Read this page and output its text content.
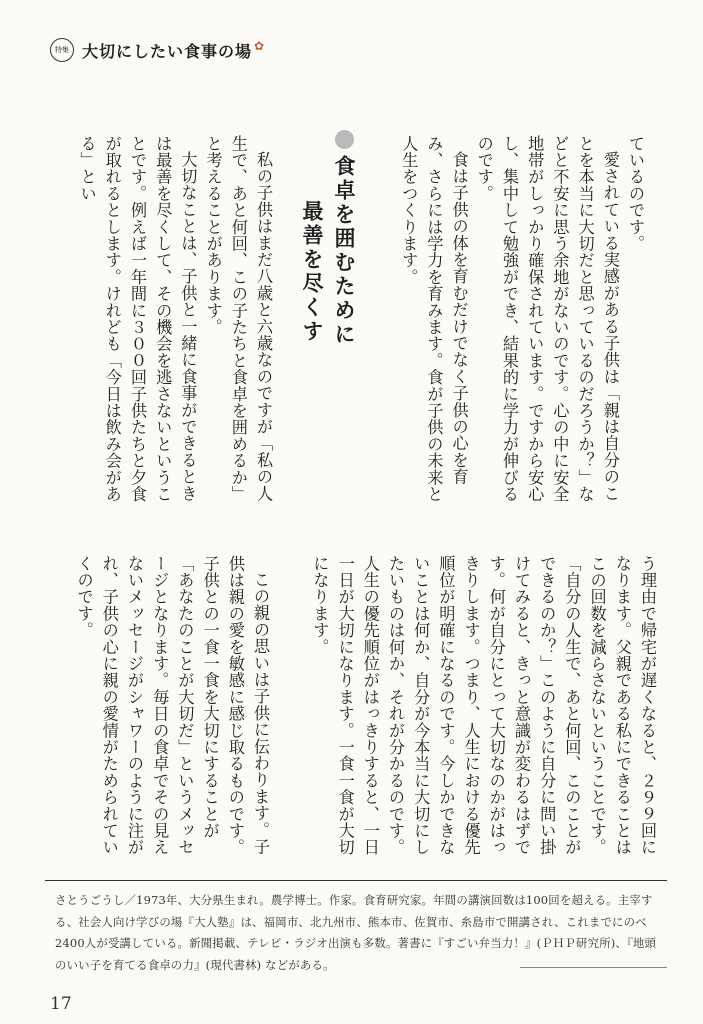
特集 大切にしたい食事の場 ✿

ているのです。

愛されている実感がある子供は「親は自分のことを本当に大切だと思っているのだろうか？」などと不安に思う余地がないのです。心の中に安全地帯がしっかり確保されています。ですから安心し、集中して勉強ができ、結果的に学力が伸びるのです。

食は子供の体を育むだけでなく子供の心を育み、さらには学力を育みます。食が子供の未来と人生をつくります。

食卓を囲むために
最善を尽くす

私の子供はまだ八歳と六歳なのですが「私の人生で、あと何回、この子たちと食卓を囲めるか」と考えることがあります。

大切なことは、子供と一緒に食事ができるときは最善を尽くして、その機会を逃さないということです。例えば一年間に３００回子供たちと夕食が取れるとします。けれども「今日は飲み会がある」とい

う理由で帰宅が遅くなると、２９９回になります。父親である私にできることはこの回数を減らさないということです。

「自分の人生で、あと何回、このことができるのか？」このように自分に問い掛けてみると、きっと意識が変わるはずです。何が自分にとって大切なのかがはっきりします。つまり、人生における優先順位が明確になるのです。今しかできないことは何か、自分が今本当に大切にしたいものは何か、それが分かるのです。人生の優先順位がはっきりすると、一日一日が大切になります。一食一食が大切になります。

この親の思いは子供に伝わります。子供は親の愛を敏感に感じ取るものです。子供との一食一食を大切にすることが「あなたのことが大切だ」というメッセージとなります。毎日の食卓でその見えないメッセージがシャワーのように注がれ、子供の心に親の愛情がためられていくのです。

さとうごうし／1973年、大分県生まれ。農学博士。作家。食育研究家。年間の講演回数は100回を超える。主宰する、社会人向け学びの場『大人塾』は、福岡市、北九州市、熊本市、佐賀市、糸島市で開講され、これまでにのべ2400人が受講している。新聞掲載、テレビ・ラジオ出演も多数。著書に『すごい弁当力！』(ＰＨＰ研究所)、『地頭のいい子を育てる食卓の力』(現代書林) などがある。
17
